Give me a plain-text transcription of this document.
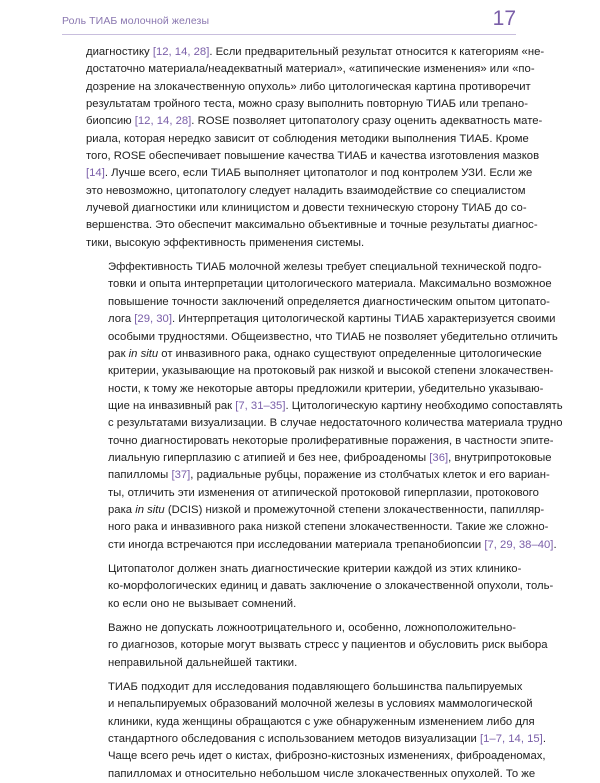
Роль ТИАБ молочной железы	17
диагностику [12, 14, 28]. Если предварительный результат относится к категориям «не-
достаточно материала/неадекватный материал», «атипические изменения» или «по-
дозрение на злокачественную опухоль» либо цитологическая картина противоречит
результатам тройного теста, можно сразу выполнить повторную ТИАБ или трепано-
биопсию [12, 14, 28]. ROSE позволяет цитопатологу сразу оценить адекватность мате-
риала, которая нередко зависит от соблюдения методики выполнения ТИАБ. Кроме
того, ROSE обеспечивает повышение качества ТИАБ и качества изготовления мазков
[14]. Лучше всего, если ТИАБ выполняет цитопатолог и под контролем УЗИ. Если же
это невозможно, цитопатологу следует наладить взаимодействие со специалистом
лучевой диагностики или клиницистом и довести техническую сторону ТИАБ до со-
вершенства. Это обеспечит максимально объективные и точные результаты диагнос-
тики, высокую эффективность применения системы.
Эффективность ТИАБ молочной железы требует специальной технической подго-
товки и опыта интерпретации цитологического материала. Максимально возможное
повышение точности заключений определяется диагностическим опытом цитопато-
лога [29, 30]. Интерпретация цитологической картины ТИАБ характеризуется своими
особыми трудностями. Общеизвестно, что ТИАБ не позволяет убедительно отличить
рак in situ от инвазивного рака, однако существуют определенные цитологические
критерии, указывающие на протоковый рак низкой и высокой степени злокачествен-
ности, к тому же некоторые авторы предложили критерии, убедительно указываю-
щие на инвазивный рак [7, 31–35]. Цитологическую картину необходимо сопоставлять
с результатами визуализации. В случае недостаточного количества материала трудно
точно диагностировать некоторые пролиферативные поражения, в частности эпите-
лиальную гиперплазию с атипией и без нее, фиброаденомы [36], внутрипротоковые
папилломы [37], радиальные рубцы, поражение из столбчатых клеток и его вариан-
ты, отличить эти изменения от атипической протоковой гиперплазии, протокового
рака in situ (DCIS) низкой и промежуточной степени злокачественности, папилляр-
ного рака и инвазивного рака низкой степени злокачественности. Такие же сложно-
сти иногда встречаются при исследовании материала трепанобиопсии [7, 29, 38–40].
Цитопатолог должен знать диагностические критерии каждой из этих клинико-
ко-морфологических единиц и давать заключение о злокачественной опухоли, толь-
ко если оно не вызывает сомнений.
Важно не допускать ложноотрицательного и, особенно, ложноположительно-
го диагнозов, которые могут вызвать стресс у пациентов и обусловить риск выбора
неправильной дальнейшей тактики.
ТИАБ подходит для исследования подавляющего большинства пальпируемых
и непальпируемых образований молочной железы в условиях маммологической
клиники, куда женщины обращаются с уже обнаруженным изменением либо для
стандартного обследования с использованием методов визуализации [1–7, 14, 15].
Чаще всего речь идет о кистах, фиброзно-кистозных изменениях, фиброаденомах,
папилломах и относительно небольшом числе злокачественных опухолей. То же
